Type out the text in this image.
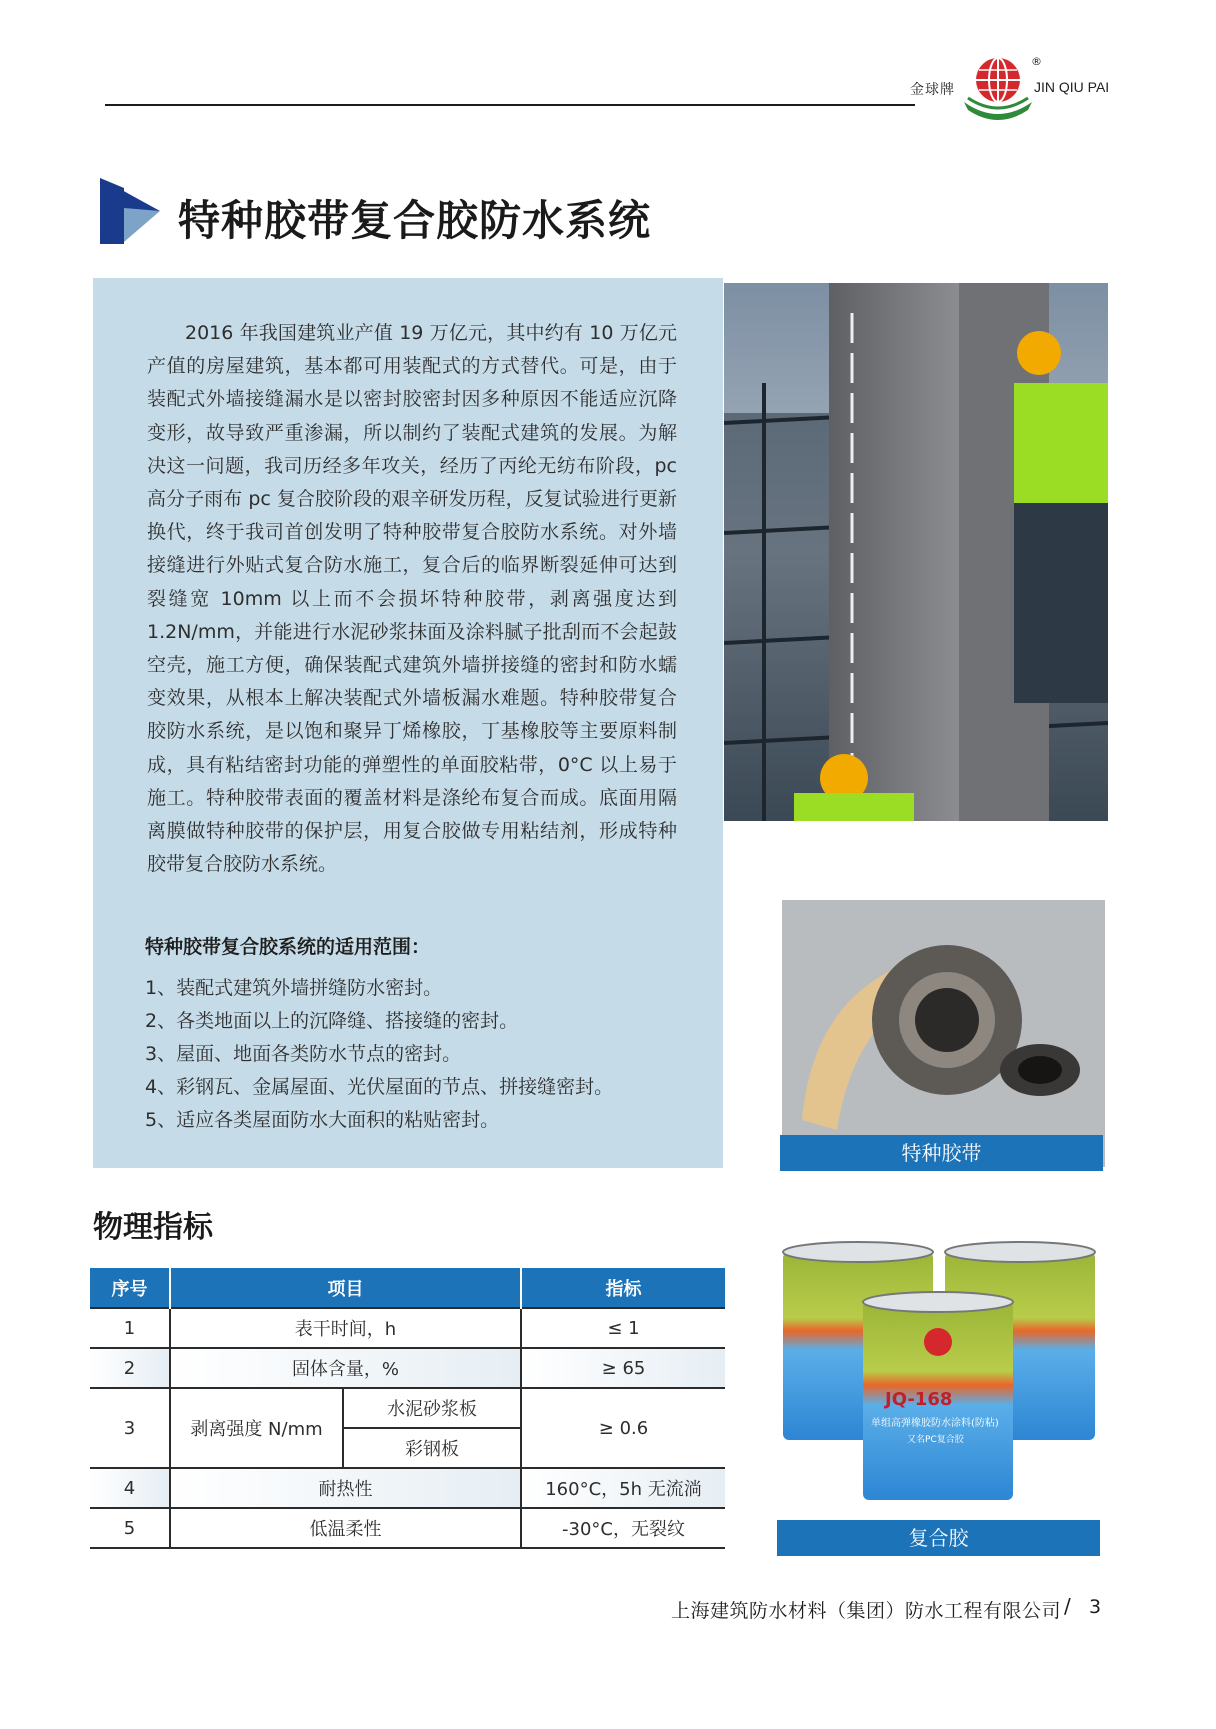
金球牌
®
JIN QIU PAI
特种胶带复合胶防水系统

2016 年我国建筑业产值 19 万亿元，其中约有 10 万亿元产值的房屋建筑，基本都可用装配式的方式替代。可是，由于装配式外墙接缝漏水是以密封胶密封因多种原因不能适应沉降变形，故导致严重渗漏，所以制约了装配式建筑的发展。为解决这一问题，我司历经多年攻关，经历了丙纶无纺布阶段，pc 高分子雨布 pc 复合胶阶段的艰辛研发历程，反复试验进行更新换代，终于我司首创发明了特种胶带复合胶防水系统。对外墙接缝进行外贴式复合防水施工，复合后的临界断裂延伸可达到裂缝宽 10mm 以上而不会损坏特种胶带，剥离强度达到 1.2N/mm，并能进行水泥砂浆抹面及涂料腻子批刮而不会起鼓空壳，施工方便，确保装配式建筑外墙拼接缝的密封和防水蠕变效果，从根本上解决装配式外墙板漏水难题。特种胶带复合胶防水系统，是以饱和聚异丁烯橡胶，丁基橡胶等主要原料制成，具有粘结密封功能的弹塑性的单面胶粘带，0°C 以上易于施工。特种胶带表面的覆盖材料是涤纶布复合而成。底面用隔离膜做特种胶带的保护层，用复合胶做专用粘结剂，形成特种胶带复合胶防水系统。

特种胶带复合胶系统的适用范围：
1、装配式建筑外墙拼缝防水密封。
2、各类地面以上的沉降缝、搭接缝的密封。
3、屋面、地面各类防水节点的密封。
4、彩钢瓦、金属屋面、光伏屋面的节点、拼接缝密封。
5、适应各类屋面防水大面积的粘贴密封。
特种胶带
物理指标
序号	项目		指标
1	表干时间，h		≤ 1
2	固体含量，%		≥ 65
3	剥离强度 N/mm	水泥砂浆板	≥ 0.6
		彩钢板	
4	耐热性		160°C，5h 无流淌
5	低温柔性		-30°C，无裂纹
JQ-168
单组高弹橡胶防水涂料(防粘)
又名PC复合胶
复合胶
上海建筑防水材料（集团）防水工程有限公司 / 3
